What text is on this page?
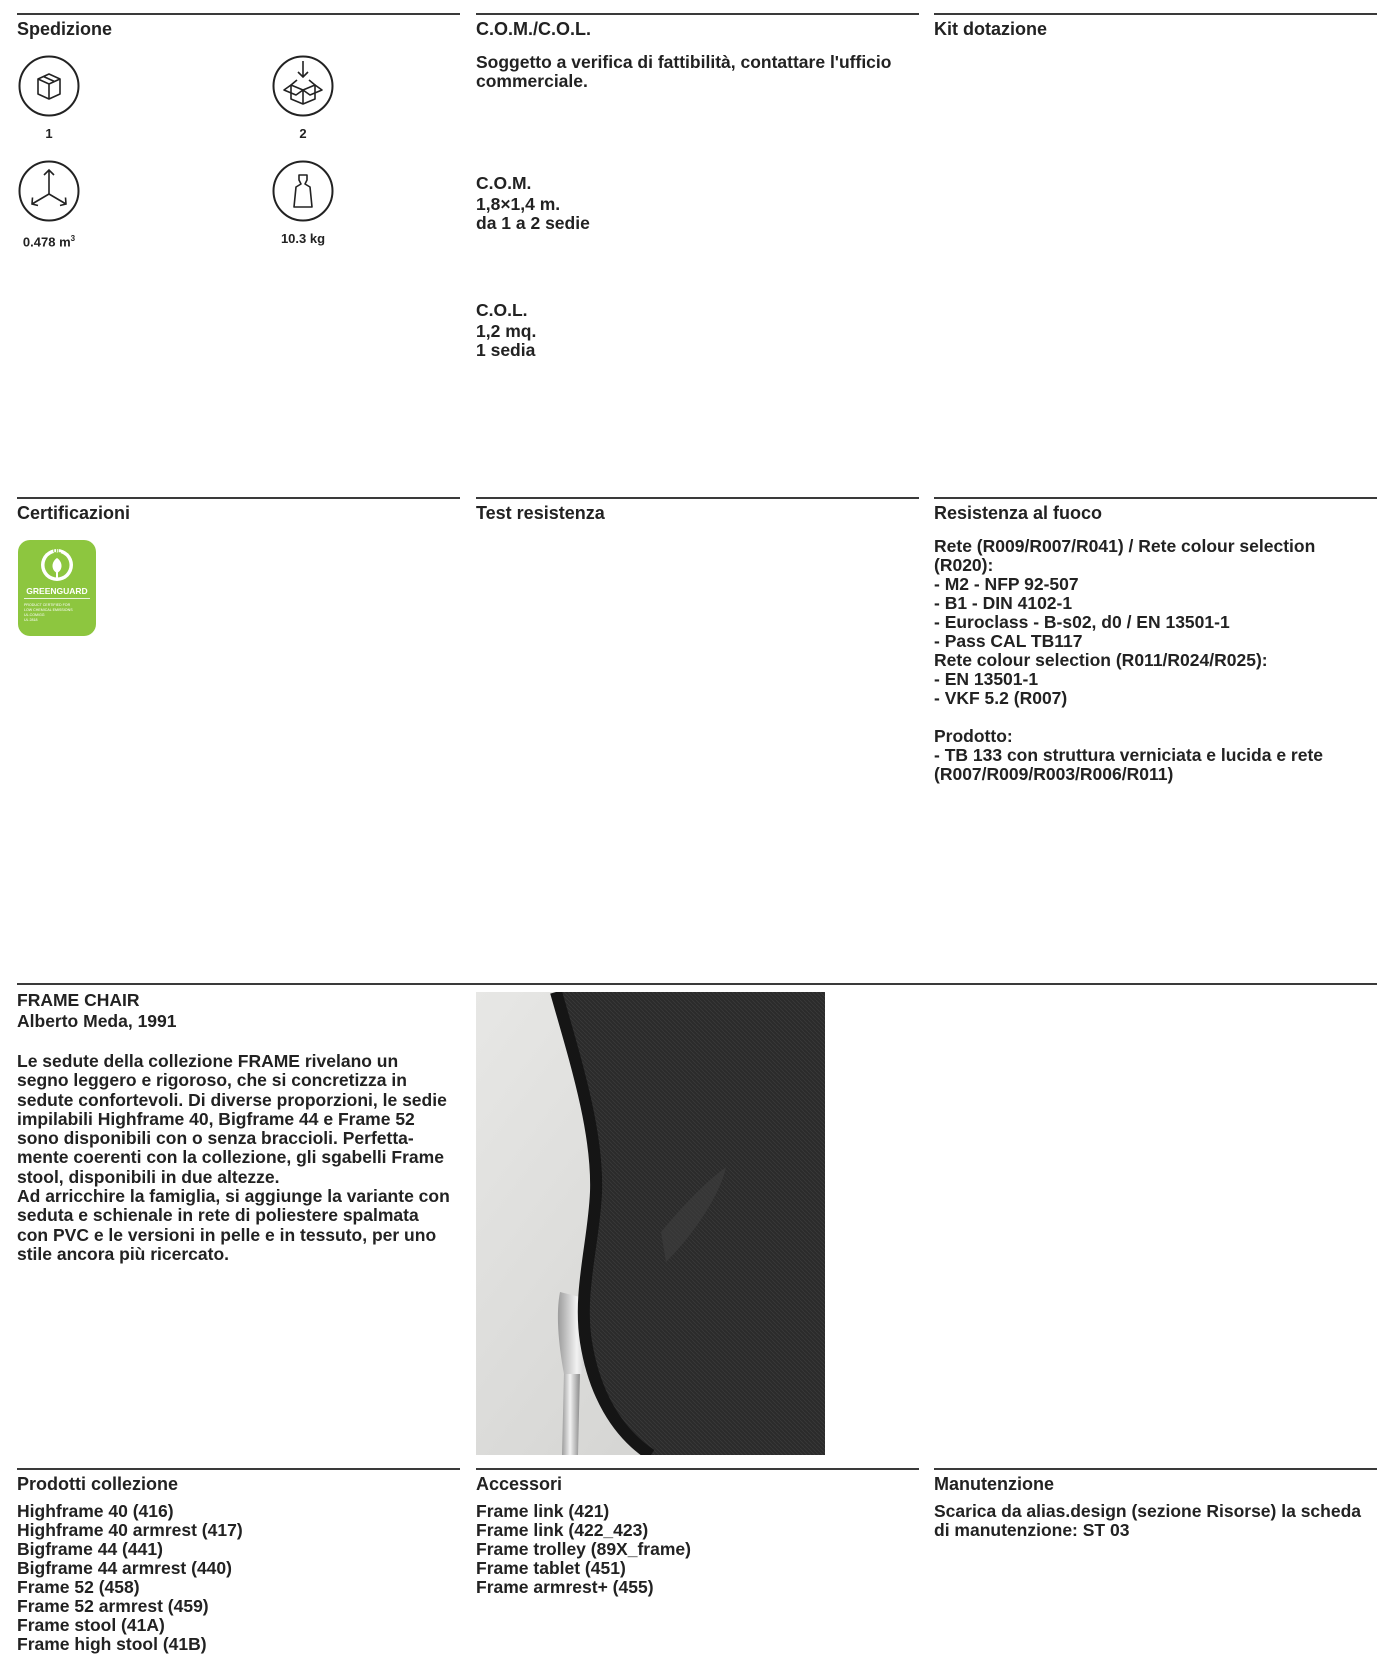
Spedizione
1	2
0.478 $m^3$	10.3 kg
C.O.M./C.O.L.
Soggetto a verifica di fattibilità, contattare l'ufficio
commerciale.
C.O.M.
1,8×1,4 m.
da 1 a 2 sedie
C.O.L.
1,2 mq.
1 sedia
Kit dotazione
Certificazioni
UL
GREENGUARD
PRODUCT CERTIFIED FOR
LOW CHEMICAL EMISSIONS
UL.COM/GG
UL 2818
Test resistenza	Resistenza al fuoco
Rete (R009/R007/R041) / Rete colour selection
(R020):
- M2 - NFP 92-507
- B1 - DIN 4102-1
- Euroclass - B-s02, d0 / EN 13501-1
- Pass CAL TB117
Rete colour selection (R011/R024/R025):
- EN 13501-1
- VKF 5.2 (R007)
Prodotto:
- TB 133 con struttura verniciata e lucida e rete
(R007/R009/R003/R006/R011)
FRAME CHAIR
Alberto Meda, 1991
Le sedute della collezione FRAME rivelano un
segno leggero e rigoroso, che si concretizza in
sedute confortevoli. Di diverse proporzioni, le sedie
impilabili Highframe 40, Bigframe 44 e Frame 52
sono disponibili con o senza braccioli. Perfetta-
mente coerenti con la collezione, gli sgabelli Frame
stool, disponibili in due altezze.
Ad arricchire la famiglia, si aggiunge la variante con
seduta e schienale in rete di poliestere spalmata
con PVC e le versioni in pelle e in tessuto, per uno
stile ancora più ricercato.
Prodotti collezione
Highframe 40 (416)
Highframe 40 armrest (417)
Bigframe 44 (441)
Bigframe 44 armrest (440)
Frame 52 (458)
Frame 52 armrest (459)
Frame stool (41A)
Frame high stool (41B)
Accessori
Frame link (421)
Frame link (422_423)
Frame trolley (89X_frame)
Frame tablet (451)
Frame armrest+ (455)
Manutenzione
Scarica da alias.design (sezione Risorse) la scheda
di manutenzione: ST 03
